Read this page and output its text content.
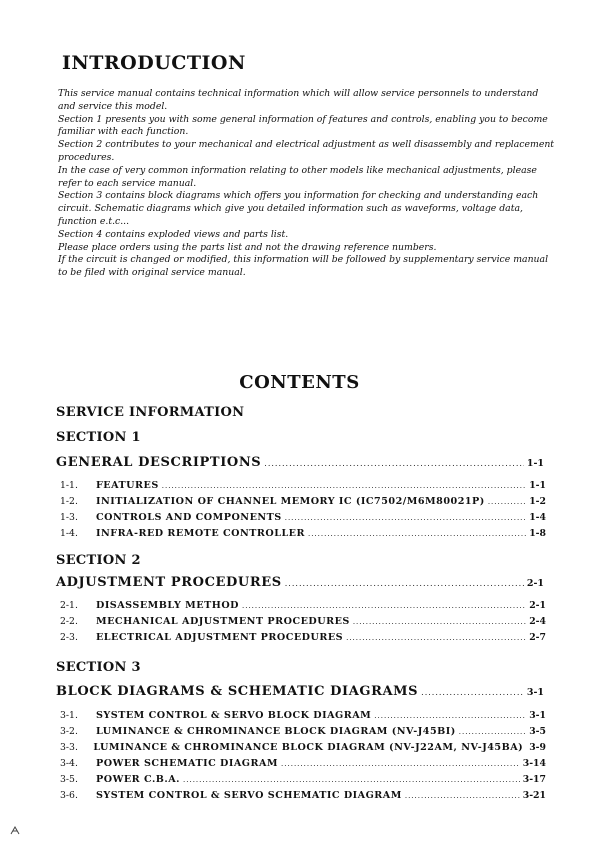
INTRODUCTION

This service manual contains technical information which will allow service personnels to understand and service this model.

Section 1 presents you with some general information of features and controls, enabling you to become familiar with each function.

Section 2 contributes to your mechanical and electrical adjustment as well disassembly and replacement procedures.

In the case of very common information relating to other models like mechanical adjustments, please refer to each service manual.

Section 3 contains block diagrams which offers you information for checking and understanding each circuit. Schematic diagrams which give you detailed information such as waveforms, voltage data, function e.t.c...

Section 4 contains exploded views and parts list.

Please place orders using the parts list and not the drawing reference numbers.

If the circuit is changed or modified, this information will be followed by supplementary service manual to be filed with original service manual.

CONTENTS
SERVICE INFORMATION
SECTION 1
GENERAL DESCRIPTIONS .....	1-1
1-1.	FEATURES .....	1-1
1-2.	INITIALIZATION OF CHANNEL MEMORY IC (IC7502/M6M80021P) .....	1-2
1-3.	CONTROLS AND COMPONENTS .....	1-4
1-4.	INFRA-RED REMOTE CONTROLLER .....	1-8
SECTION 2
ADJUSTMENT PROCEDURES .....	2-1
2-1.	DISASSEMBLY METHOD .....	2-1
2-2.	MECHANICAL ADJUSTMENT PROCEDURES .....	2-4
2-3.	ELECTRICAL ADJUSTMENT PROCEDURES .....	2-7
SECTION 3
BLOCK DIAGRAMS & SCHEMATIC DIAGRAMS .....	3-1
3-1.	SYSTEM CONTROL & SERVO BLOCK DIAGRAM .....	3-1
3-2.	LUMINANCE & CHROMINANCE BLOCK DIAGRAM (NV-J45BI) .....	3-5
3-3.	LUMINANCE & CHROMINANCE BLOCK DIAGRAM (NV-J22AM, NV-J45BA) 3-9
3-4.	POWER SCHEMATIC DIAGRAM .....	3-14
3-5.	POWER C.B.A. .....	3-17
3-6.	SYSTEM CONTROL & SERVO SCHEMATIC DIAGRAM .....	3-21
